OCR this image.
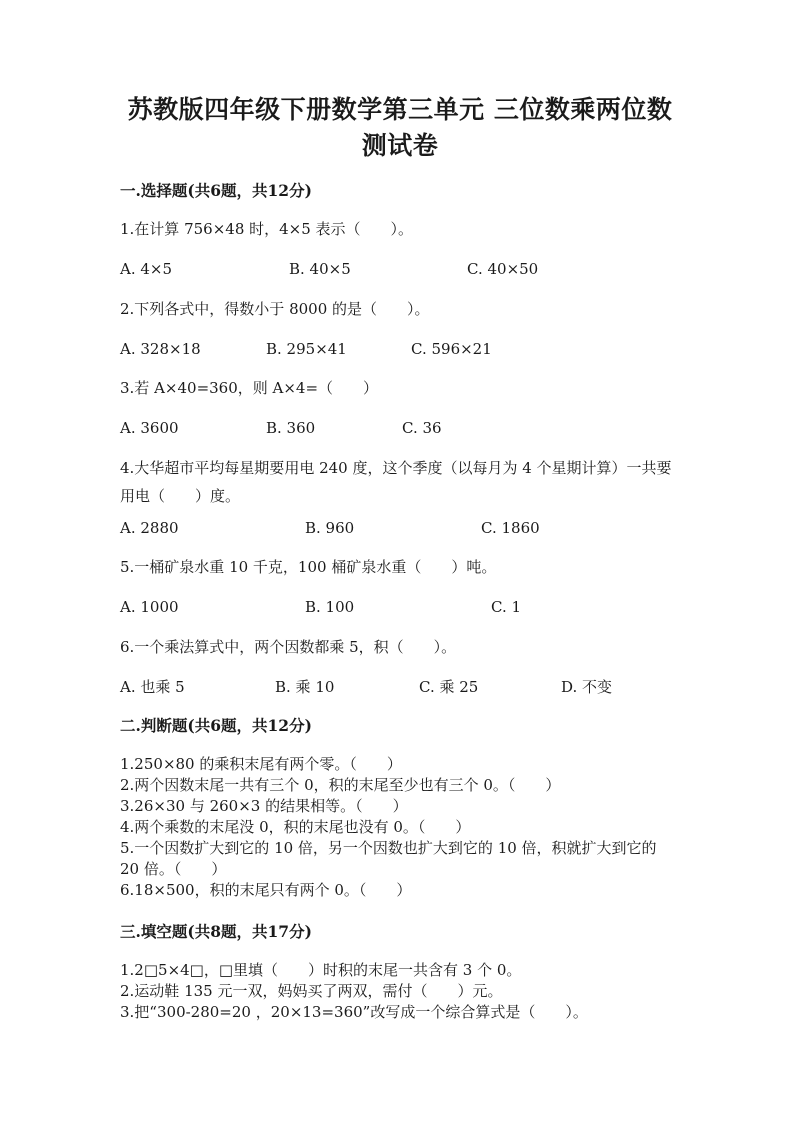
苏教版四年级下册数学第三单元 三位数乘两位数
测试卷
一.选择题(共6题，共12分)
1.在计算 756×48 时，4×5 表示（　　）。
A. 4×5	B. 40×5	C. 40×50
2.下列各式中，得数小于 8000 的是（　　）。
A. 328×18	B. 295×41	C. 596×21
3.若 A×40=360，则 A×4=（　　）
A. 3600	B. 360	C. 36
4.大华超市平均每星期要用电 240 度，这个季度（以每月为 4 个星期计算）一共要用电（　　）度。
A. 2880	B. 960	C. 1860
5.一桶矿泉水重 10 千克，100 桶矿泉水重（　　）吨。
A. 1000	B. 100	C. 1
6.一个乘法算式中，两个因数都乘 5，积（　　）。
A. 也乘 5	B. 乘 10	C. 乘 25	D. 不变
二.判断题(共6题，共12分)
1.250×80 的乘积末尾有两个零。（　　）
2.两个因数末尾一共有三个 0，积的末尾至少也有三个 0。（　　）
3.26×30 与 260×3 的结果相等。（　　）
4.两个乘数的末尾没 0，积的末尾也没有 0。（　　）
5.一个因数扩大到它的 10 倍，另一个因数也扩大到它的 10 倍，积就扩大到它的 20 倍。（　　）
6.18×500，积的末尾只有两个 0。（　　）
三.填空题(共8题，共17分)
1.2□5×4□，□里填（　　）时积的末尾一共含有 3 个 0。
2.运动鞋 135 元一双，妈妈买了两双，需付（　　）元。
3.把“300-280=20 ，20×13=360”改写成一个综合算式是（　　）。
